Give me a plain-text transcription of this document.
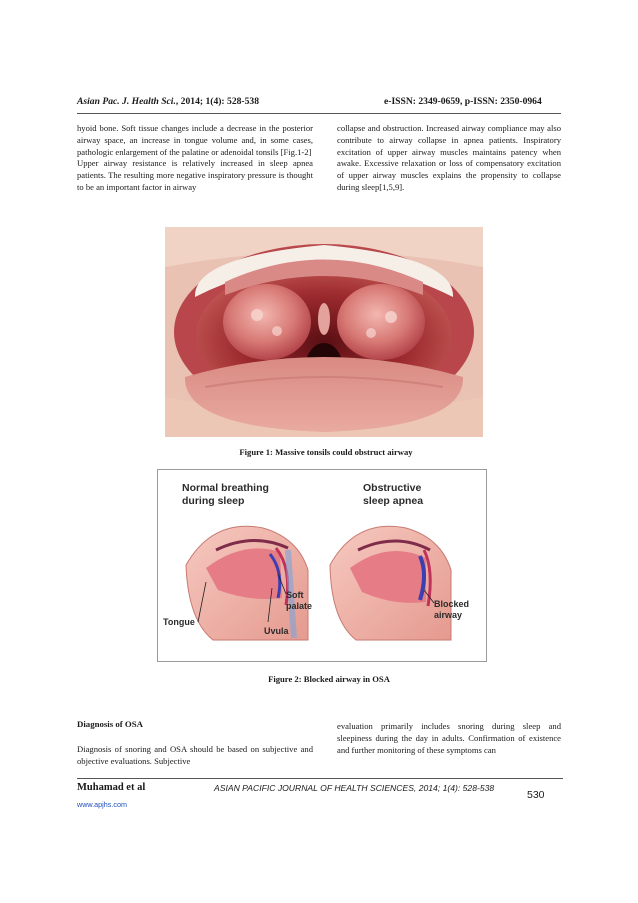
Asian Pac. J. Health Sci., 2014; 1(4): 528-538	e-ISSN: 2349-0659, p-ISSN: 2350-0964

hyoid bone. Soft tissue changes include a decrease in the posterior airway space, an increase in tongue volume and, in some cases, pathologic enlargement of the palatine or adenoidal tonsils [Fig.1-2]

Upper airway resistance is relatively increased in sleep apnea patients. The resulting more negative inspiratory pressure is thought to be an important factor in airway

collapse and obstruction. Increased airway compliance may also contribute to airway collapse in apnea patients. Inspiratory excitation of upper airway muscles maintains patency when awake. Excessive relaxation or loss of compensatory excitation of upper airway muscles explains the propensity to collapse during sleep[1,5,9].

Figure 1: Massive tonsils could obstruct airway
Normal breathing
during sleep
Obstructive
sleep apnea
Soft
palate
Tongue
Uvula
Blocked
airway
Figure 2: Blocked airway in OSA
Diagnosis of OSA

Diagnosis of snoring and OSA should be based on subjective and objective evaluations. Subjective

evaluation primarily includes snoring during sleep and sleepiness during the day in adults. Confirmation of existence and further monitoring of these symptoms can

Muhamad et al	ASIAN PACIFIC JOURNAL OF HEALTH SCIENCES, 2014; 1(4): 528-538
www.apjhs.com
530
